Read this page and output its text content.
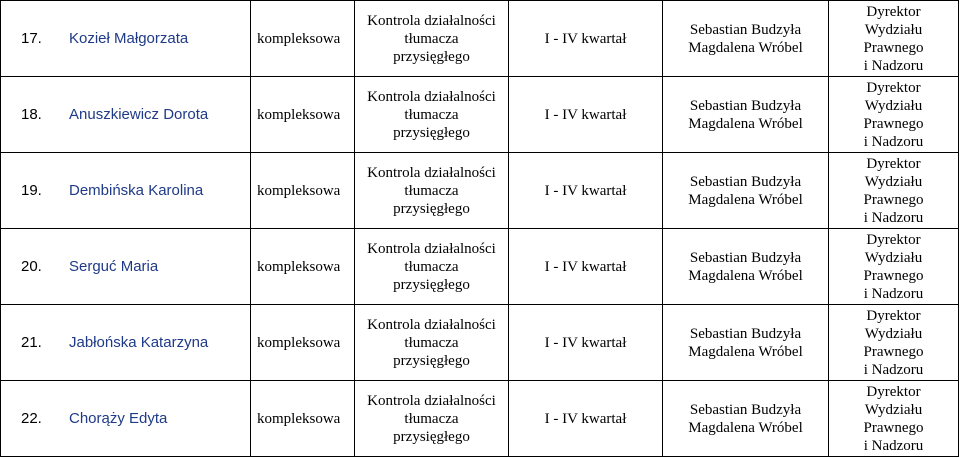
17. Kozieł Małgorzata	kompleksowa	Kontrola działalności
tłumacza
przysięgłego	I - IV kwartał	Sebastian Budzyła
Magdalena Wróbel	Dyrektor
Wydziału
Prawnego
i Nadzoru

18. Anuszkiewicz Dorota	kompleksowa	Kontrola działalności
tłumacza
przysięgłego	I - IV kwartał	Sebastian Budzyła
Magdalena Wróbel	Dyrektor
Wydziału
Prawnego
i Nadzoru

19. Dembińska Karolina	kompleksowa	Kontrola działalności
tłumacza
przysięgłego	I - IV kwartał	Sebastian Budzyła
Magdalena Wróbel	Dyrektor
Wydziału
Prawnego
i Nadzoru

20. Serguć Maria	kompleksowa	Kontrola działalności
tłumacza
przysięgłego	I - IV kwartał	Sebastian Budzyła
Magdalena Wróbel	Dyrektor
Wydziału
Prawnego
i Nadzoru

21. Jabłońska Katarzyna	kompleksowa	Kontrola działalności
tłumacza
przysięgłego	I - IV kwartał	Sebastian Budzyła
Magdalena Wróbel	Dyrektor
Wydziału
Prawnego
i Nadzoru

22. Chorąży Edyta	kompleksowa	Kontrola działalności
tłumacza
przysięgłego	I - IV kwartał	Sebastian Budzyła
Magdalena Wróbel	Dyrektor
Wydziału
Prawnego
i Nadzoru
